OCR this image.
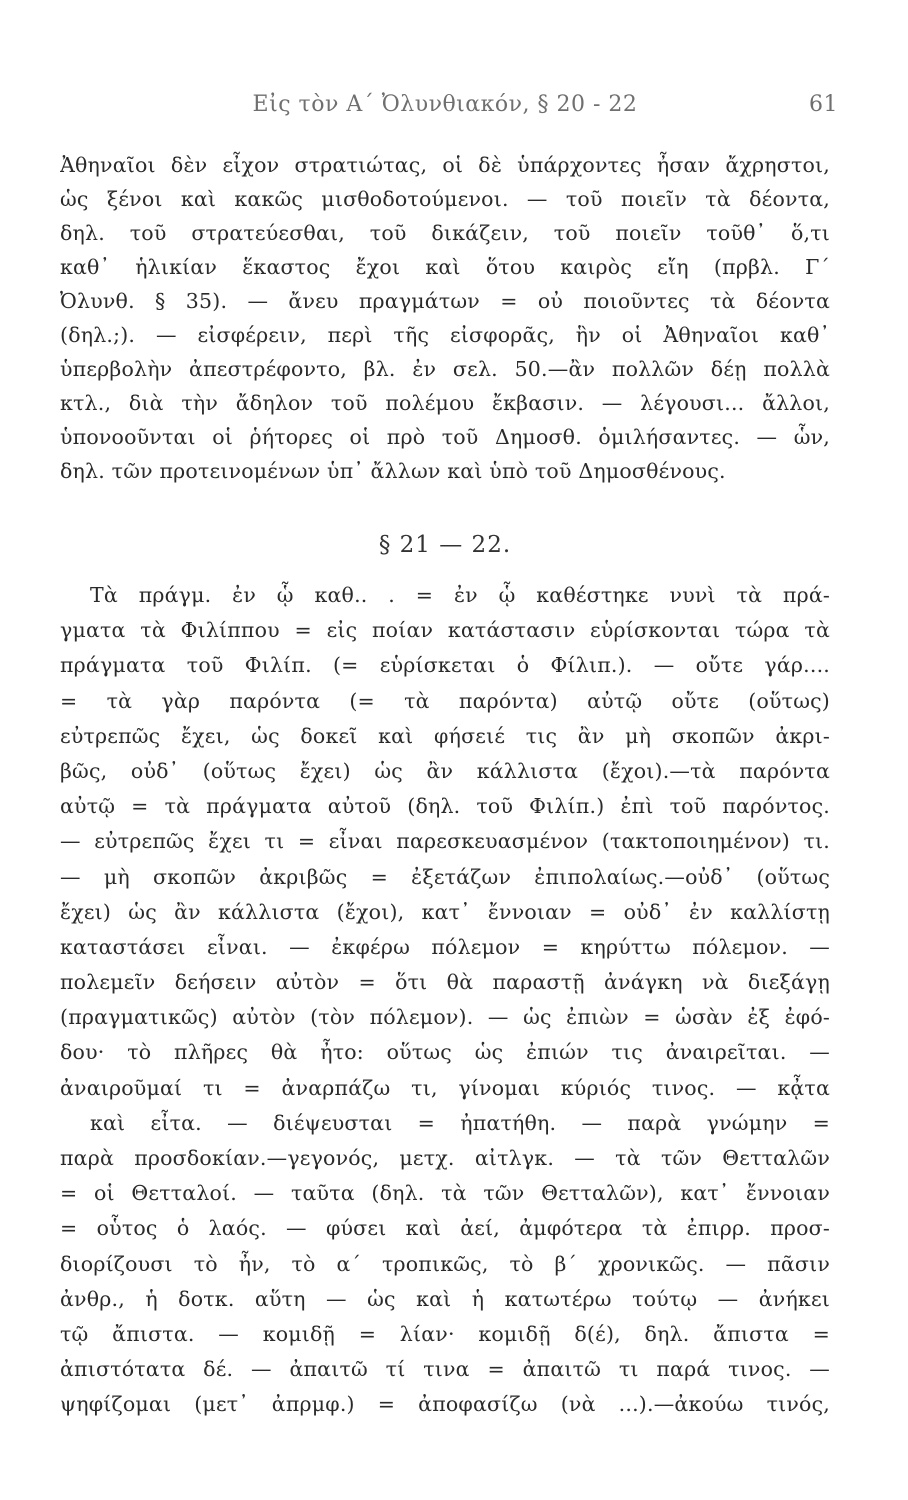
Εἰς τὸν Α΄ Ὀλυνθιακόν, § 20 - 22	61
Ἀθηναῖοι δὲν εἶχον στρατιώτας, οἱ δὲ ὑπάρχοντες ἦσαν ἄχρηστοι,
ὡς ξένοι καὶ κακῶς μισθοδοτούμενοι. — τοῦ ποιεῖν τὰ δέοντα,
δηλ. τοῦ στρατεύεσθαι, τοῦ δικάζειν, τοῦ ποιεῖν τοῦθ᾿ ὅ,τι
καθ᾿ ἡλικίαν ἕκαστος ἔχοι καὶ ὅτου καιρὸς εἴη (πρβλ. Γ΄
Ὀλυνθ. § 35). — ἄνευ πραγμάτων = οὐ ποιοῦντες τὰ δέοντα
(δηλ.;). — εἰσφέρειν, περὶ τῆς εἰσφορᾶς, ἣν οἱ Ἀθηναῖοι καθ᾿
ὑπερβολὴν ἀπεστρέφοντο, βλ. ἐν σελ. 50.—ἂν πολλῶν δέῃ πολλὰ
κτλ., διὰ τὴν ἄδηλον τοῦ πολέμου ἔκβασιν. — λέγουσι... ἄλλοι,
ὑπονοοῦνται οἱ ῥήτορες οἱ πρὸ τοῦ Δημοσθ. ὁμιλήσαντες. — ὧν,
δηλ. τῶν προτεινομένων ὑπ᾿ ἄλλων καὶ ὑπὸ τοῦ Δημοσθένους.
§ 21 — 22.
Τὰ πράγμ. ἐν ᾧ καθ.. . = ἐν ᾧ καθέστηκε νυνὶ τὰ πρά-
γματα τὰ Φιλίππου = εἰς ποίαν κατάστασιν εὑρίσκονται τώρα τὰ
πράγματα τοῦ Φιλίπ. (= εὑρίσκεται ὁ Φίλιπ.). — οὔτε γάρ....
= τὰ γὰρ παρόντα (= τὰ παρόντα) αὐτῷ οὔτε (οὕτως)
εὐτρεπῶς ἔχει, ὡς δοκεῖ καὶ φήσειέ τις ἂν μὴ σκοπῶν ἀκρι-
βῶς, οὐδ᾿ (οὕτως ἔχει) ὡς ἂν κάλλιστα (ἔχοι).—τὰ παρόντα
αὐτῷ = τὰ πράγματα αὐτοῦ (δηλ. τοῦ Φιλίπ.) ἐπὶ τοῦ παρόντος.
— εὐτρεπῶς ἔχει τι = εἶναι παρεσκευασμένον (τακτοποιημένον) τι.
— μὴ σκοπῶν ἀκριβῶς = ἐξετάζων ἐπιπολαίως.—οὐδ᾿ (οὕτως
ἔχει) ὡς ἂν κάλλιστα (ἔχοι), κατ᾿ ἔννοιαν = οὐδ᾿ ἐν καλλίστῃ
καταστάσει εἶναι. — ἐκφέρω πόλεμον = κηρύττω πόλεμον. —
πολεμεῖν δεήσειν αὐτὸν = ὅτι θὰ παραστῇ ἀνάγκη νὰ διεξάγῃ
(πραγματικῶς) αὐτὸν (τὸν πόλεμον). — ὡς ἐπιὼν = ὡσὰν ἐξ ἐφό-
δου· τὸ πλῆρες θὰ ἦτο: οὕτως ὡς ἐπιών τις ἀναιρεῖται. —
ἀναιροῦμαί τι = ἀναρπάζω τι, γίνομαι κύριός τινος. — κᾆτα
καὶ εἶτα. — διέψευσται = ἠπατήθη. — παρὰ γνώμην =
παρὰ προσδοκίαν.—γεγονός, μετχ. αἰτλγκ. — τὰ τῶν Θετταλῶν
= οἱ Θετταλοί. — ταῦτα (δηλ. τὰ τῶν Θετταλῶν), κατ᾿ ἔννοιαν
= οὗτος ὁ λαός. — φύσει καὶ ἀεί, ἀμφότερα τὰ ἐπιρρ. προσ-
διορίζουσι τὸ ἦν, τὸ α΄ τροπικῶς, τὸ β΄ χρονικῶς. — πᾶσιν
ἀνθρ., ἡ δοτκ. αὕτη — ὡς καὶ ἡ κατωτέρω τούτῳ — ἀνήκει
τῷ ἄπιστα. — κομιδῇ = λίαν· κομιδῇ δ(έ), δηλ. ἄπιστα =
ἀπιστότατα δέ. — ἀπαιτῶ τί τινα = ἀπαιτῶ τι παρά τινος. —
ψηφίζομαι (μετ᾿ ἀπρμφ.) = ἀποφασίζω (νὰ ...).—ἀκούω τινός,
